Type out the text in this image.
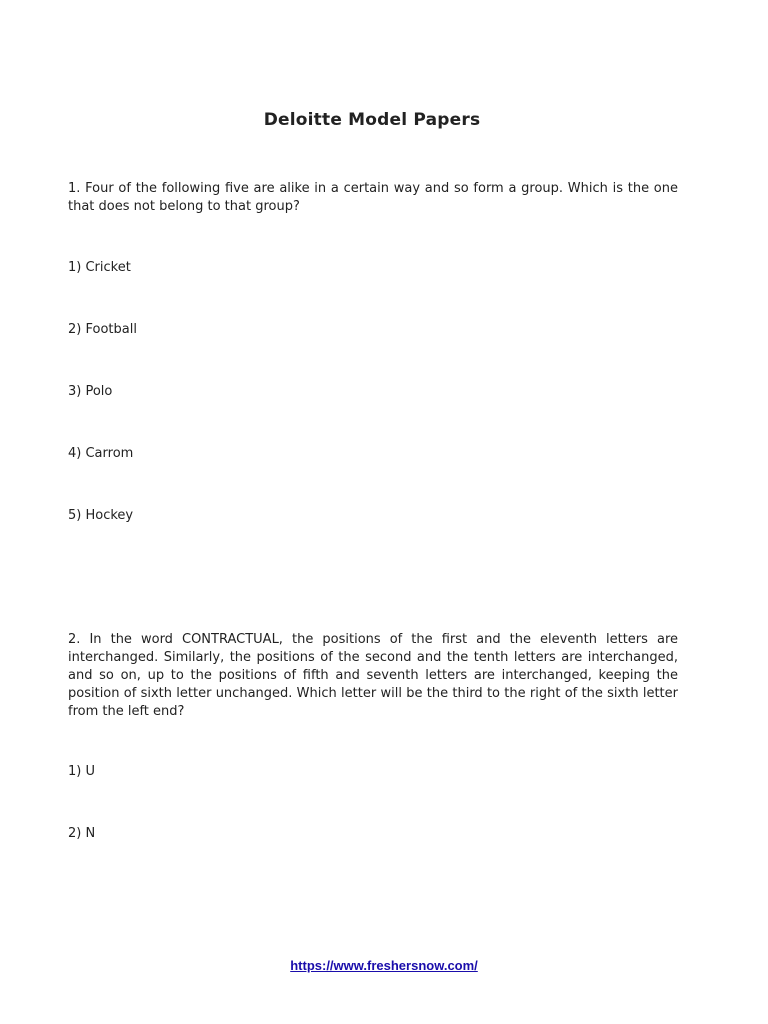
Deloitte Model Papers
1. Four of the following five are alike in a certain way and so form a group. Which is the one that does not belong to that group?
1) Cricket
2) Football
3) Polo
4) Carrom
5) Hockey
2. In the word CONTRACTUAL, the positions of the first and the eleventh letters are interchanged. Similarly, the positions of the second and the tenth letters are interchanged, and so on, up to the positions of fifth and seventh letters are interchanged, keeping the position of sixth letter unchanged. Which letter will be the third to the right of the sixth letter from the left end?
1) U
2) N
https://www.freshersnow.com/
